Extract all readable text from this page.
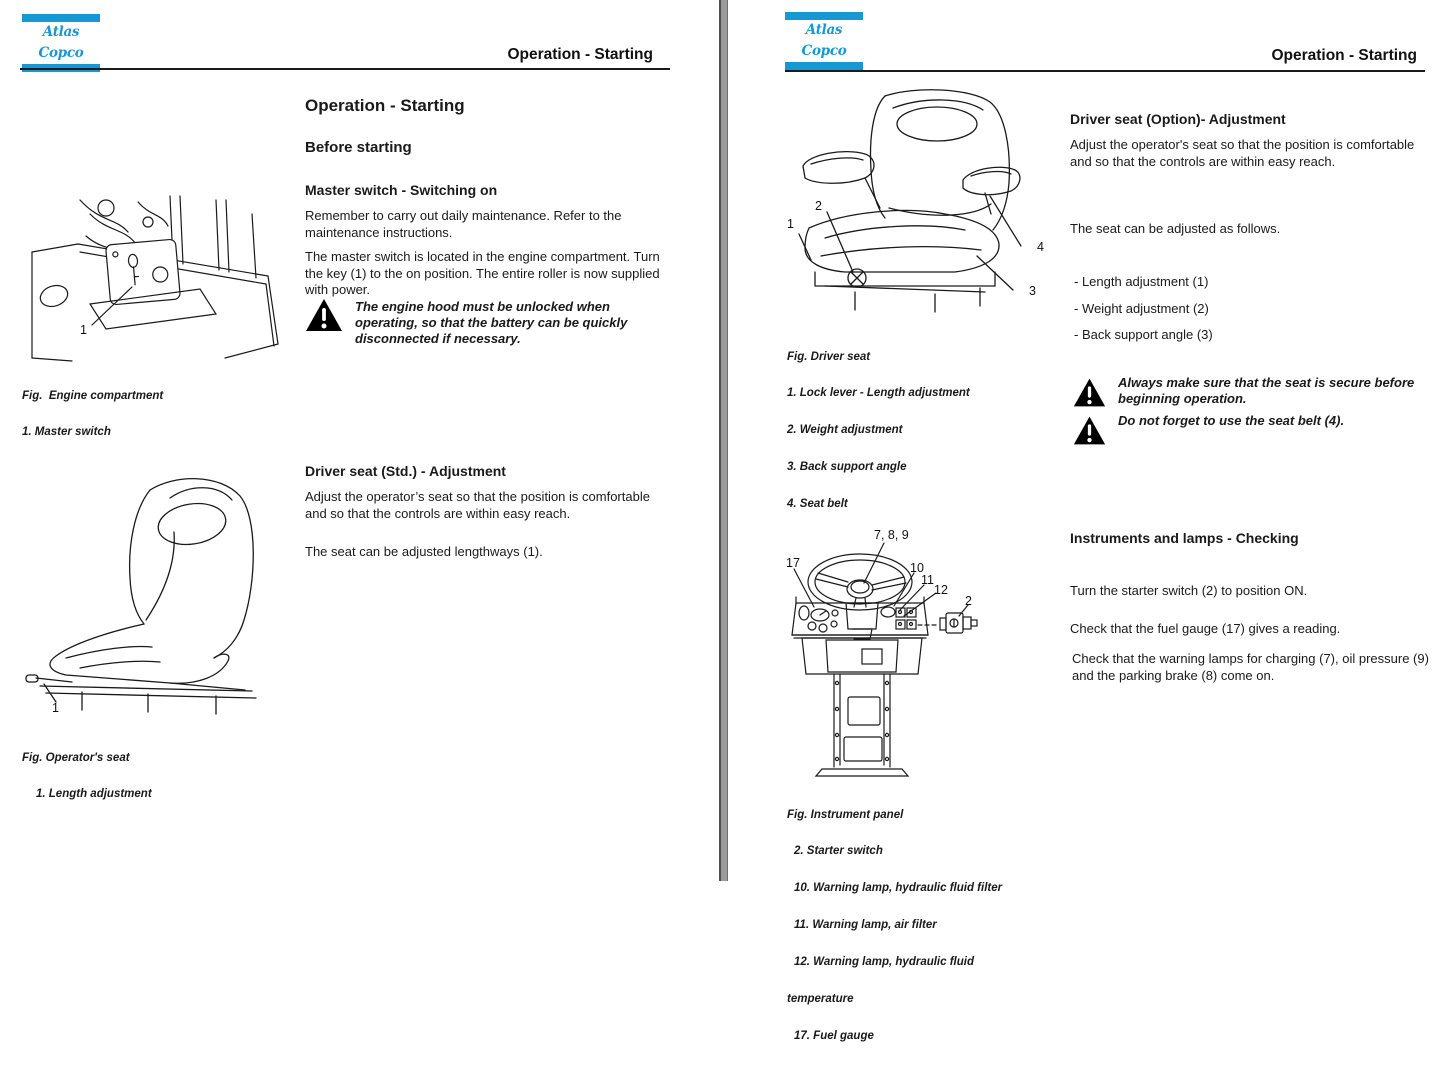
Atlas Copco	Operation - Starting
Operation - Starting
Before starting
Master switch - Switching on
Remember to carry out daily maintenance. Refer to the maintenance instructions.
The master switch is located in the engine compartment. Turn the key (1) to the on position. The entire roller is now supplied with power.
The engine hood must be unlocked when operating, so that the battery can be quickly disconnected if necessary.
1

Fig.  Engine compartment

1. Master switch

Driver seat (Std.) - Adjustment
Adjust the operator’s seat so that the position is comfortable and so that the controls are within easy reach.
The seat can be adjusted lengthways (1).
1

Fig. Operator's seat

1. Length adjustment

Atlas Copco	Operation - Starting
1
2
4
3

Fig. Driver seat

1. Lock lever - Length adjustment

2. Weight adjustment

3. Back support angle

4. Seat belt

Driver seat (Option)- Adjustment
Adjust the operator's seat so that the position is comfortable and so that the controls are within easy reach.
The seat can be adjusted as follows.
- Length adjustment (1)
- Weight adjustment (2)
- Back support angle (3)
Always make sure that the seat is secure before beginning operation.
Do not forget to use the seat belt (4).
Instruments and lamps - Checking
Turn the starter switch (2) to position ON.
Check that the fuel gauge (17) gives a reading.
Check that the warning lamps for charging (7), oil pressure (9) and the parking brake (8) come on.
7, 8, 9
17	10
11
12
2

Fig. Instrument panel

2. Starter switch

10. Warning lamp, hydraulic fluid filter

11. Warning lamp, air filter

12. Warning lamp, hydraulic fluid

temperature

17. Fuel gauge
